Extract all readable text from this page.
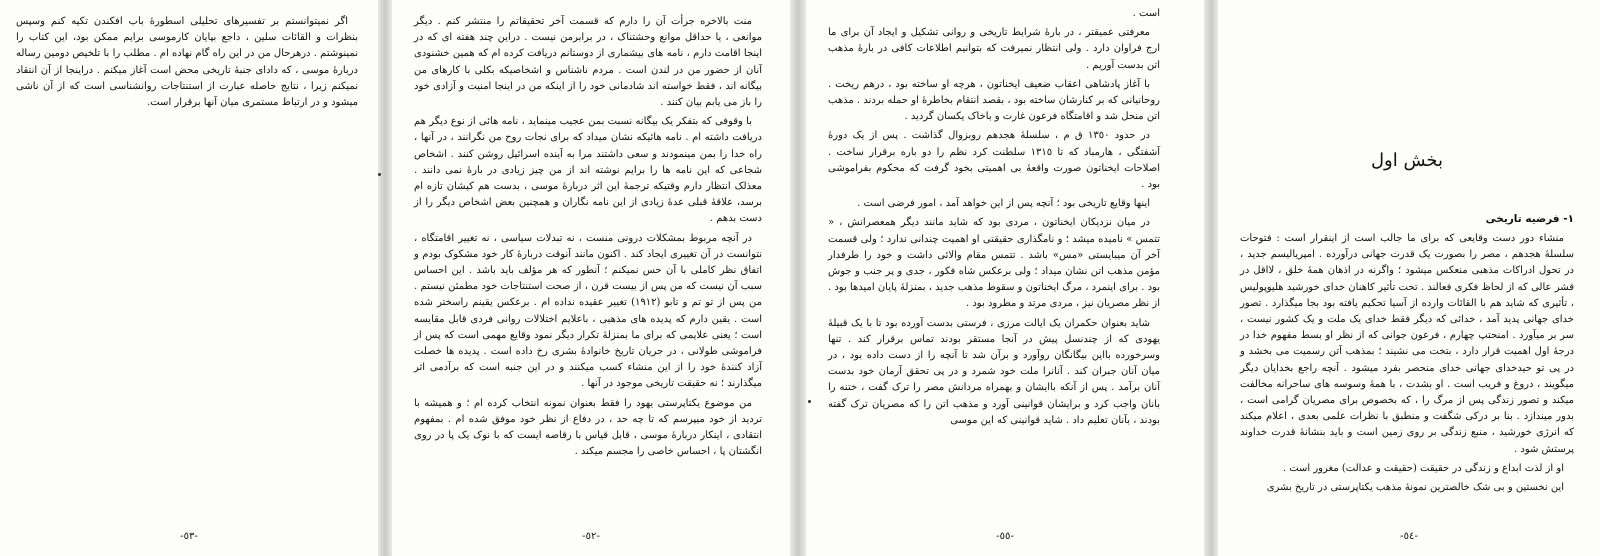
اگر نمیتوانستم بر تفسیرهای تحلیلی اسطورۀ باب افکندن تکیه کنم وسپس بنظرات و القائات سلین ، داجع بپایان کارموسی برایم ممکن بود، این کتاب را نمینوشتم . درهرحال من در این راه گام نهاده ام . مطلب را با تلخیص دومین رساله دربارۀ موسی ، که دادای جنبۀ تاریخی محض است آغاز میکنم . دراینجا از آن انتقاد نمیکنم زیرا ، نتایج حاصله عبارت از استنتاجات روانشناسی است که از آن ناشی میشود و در ارتباط مستمری میان آنها برقرار است.

-٥٣-

منت بالاخره جرأت آن را دارم که قسمت آخر تحقیقاتم را منتشر کنم . دیگر موانعی ، یا حداقل موانع وحشتناک ، در برابرمن نیست . دراین چند هفته ای که در اینجا اقامت دارم ، نامه های بیشماری از دوستانم دریافت کرده ام که همین خشنودی آنان از حضور من در لندن است . مردم ناشناس و اشخاصیکه بکلی با کارهای من بیگانه اند ، فقط خواسته اند شادمانی خود را از اینکه من در اینجا امنیت و آزادی خود را باز می یابم بیان کنند .

با وقوفی که بتفکر یک بیگانه نسبت بمن عجیب مینماید ، نامه هائی از نوع دیگر هم دریافت داشته ام . نامه هائیکه نشان میداد که برای نجات روح من نگرانند ، در آنها ، راه خدا را بمن مینمودند و سعی داشتند مرا به آینده اسرائیل روشن کنند . اشخاص شجاعی که این نامه ها را برایم نوشته اند از من چیز زیادی در بارۀ نمی دانند . معذلک انتظار دارم وقتیکه ترجمۀ این اثر دربارۀ موسی ، بدست هم کیشان تازه ام برسد، علاقۀ قبلی عدۀ زیادی از این نامه نگاران و همچنین بعض اشخاص دیگر را از دست بدهم .

در آنچه مربوط بمشکلات درونی منست ، نه تبدلات سیاسی ، نه تغییر اقامتگاه ، نتوانست در آن تغییری ایجاد کند . اکنون مانند آنوقت دربارۀ کار خود مشکوک بودم و اتفاق نظر کاملی با آن حس نمیکنم ؛ آنطور که هر مؤلف باید باشد . این احساس سبب آن نیست که من پس از بیست قرن ، از صحت استنتاجات خود مطمئن نیستم . من پس از تو تم و تابو (١٩١٢) تغییر عقیده نداده ام . برعکس یقینم راسختر شده است . یقین دارم که پدیده های مذهبی ، باعلایم اختلالات روانی فردی قابل مقایسه است ؛ یعنی علایمی که برای ما بمنزلۀ تکرار دیگر نمود وقایع مهمی است که پس از فراموشی طولانی ، در جریان تاریخ خانوادۀ بشری رخ داده است . پدیده ها خصلت آزاد کنندۀ خود را از این منشاء کسب میکنند و در این جنبه است که برآدمی اثر میگذارند ؛ نه حقیقت تاریخی موجود در آنها .

من موضوع یکتاپرستی یهود را فقط بعنوان نمونه انتخاب کرده ام ؛ و همیشه با تردید از خود میپرسم که تا چه حد ، در دفاع از نظر خود موفق شده ام . بمفهوم انتقادی ، اینکار دربارۀ موسی ، قابل قیاس با رقاصه ایست که با نوک یک پا در روی انگشتان پا ، احساس خاصی را مجسم میکند .

-٥٢-

است .

معرفتی عمیقتر ، در بارۀ شرایط تاریخی و روانی تشکیل و ایجاد آن برای ما ارج فراوان دارد . ولی انتظار نمیرفت که بتوانیم اطلاعات کافی در بارۀ مذهب اتن بدست آوریم .

با آغاز پادشاهی اعقاب ضعیف ایخناتون ، هرچه او ساخته بود ، درهم ریخت . روحانیانی که بر کنارشان ساخته بود ، بقصد انتقام بخاطرۀ او حمله بردند . مذهب اتن منحل شد و اقامتگاه فرعون غارت و باخاک یکسان گردید .

در حدود ١٣٥٠ ق م ، سلسلۀ هجدهم روبزوال گذاشت . پس از یک دورۀ آشفتگی ، هارمباد که تا ١٣١٥ سلطنت کرد نظم را دو باره برقرار ساخت . اصلاحات ایخناتون صورت واقعۀ بی اهمیتی بخود گرفت که محکوم بفراموشی بود .

اینها وقایع تاریخی بود ؛ آنچه پس از این خواهد آمد ، امور فرضی است .

در میان نزدیکان ایخناتون ، مردی بود که شاید مانند دیگر همعصرانش ، « تتمس » نامیده میشد ؛ و نامگذاری حقیقتی او اهمیت چندانی ندارد ؛ ولی قسمت آخر آن میبایستی «مس» باشد . تتمس مقام والائی داشت و خود را طرفدار مؤمن مذهب اتن نشان میداد ؛ ولی برعکس شاه فکور ، جدی و پر جنب و جوش بود . برای اینمرد ، مرگ ایخناتون و سقوط مذهب جدید ، بمنزلۀ پایان امیدها بود . از نظر مصریان نیز ، مردی مرتد و مطرود بود .

شاید بعنوان حکمران یک ایالت مرزی ، فرستی بدست آورده بود تا با یک قبیلۀ یهودی که از چندنسل پیش در آنجا مستقر بودند تماس برقرار کند . تنها وسرخورده بااین بیگانگان روآورد و برآن شد تا آنچه را از دست داده بود ، در میان آنان جبران کند . آنانرا ملت خود شمرد و در پی تحقق آرمان خود بدست آنان برآمد . پس از آنکه باایشان و بهمراه مردانش مصر را ترک گفت ، ختنه را بانان واجب کرد و برایشان قوانینی آورد و مذهب اتن را که مصریان ترک گفته بودند ، بآنان تعلیم داد . شاید قوانینی که این موسی

-٥٥-
بخش اول
۱- فرضیه تاریخی

منشاء دور دست وقایعی که برای ما جالب است از اینقرار است : فتوحات سلسلۀ هجدهم ، مصر را بصورت یک قدرت جهانی درآورده . امپریالیسم جدید ، در تحول ادراکات مذهبی منعکس میشود ؛ واگرنه در اذهان همۀ خلق ، لااقل در قشر عالی که از لحاظ فکری فعالند . تحت تأثیر کاهنان خدای خورشید هلیوپولیس ، تأثیری که شاید هم با القائات وارده از آسیا تحکیم یافته بود بجا میگذارد . تصور خدای جهانی پدید آمد ، خدائی که دیگر فقط خدای یک ملت و یک کشور نیست ، سر بر میآورد . امنحتپ چهارم ، فرعون جوانی که از نظر او بسط مفهوم خدا در درجۀ اول اهمیت قرار دارد ، بتخت می نشیند ؛ بمذهب آتن رسمیت می بخشد و در پی تو حیدخدای جهانی خدای منحصر بفرد میشود . آنچه راجع بخدایان دیگر میگویند ، دروغ و فریب است . او بشدت ، با همۀ وسوسه های ساحرانه مخالفت میکند و تصور زندگی پس از مرگ را ، که بخصوص برای مصریان گرامی است ، بدور میندازد . بنا بر درکی شگفت و منطبق با نظرات علمی بعدی ، اعلام میکند که انرژی خورشید ، منبع زندگی بر روی زمین است و باید بنشانۀ قدرت خداوند پرستش شود .

او از لذت ابداع و زندگی در حقیقت (حقیقت و عدالت) مغرور است .

این نخستین و بی شک خالصترین نمونۀ مذهب یکتاپرستی در تاریخ بشری

-٥٤-
